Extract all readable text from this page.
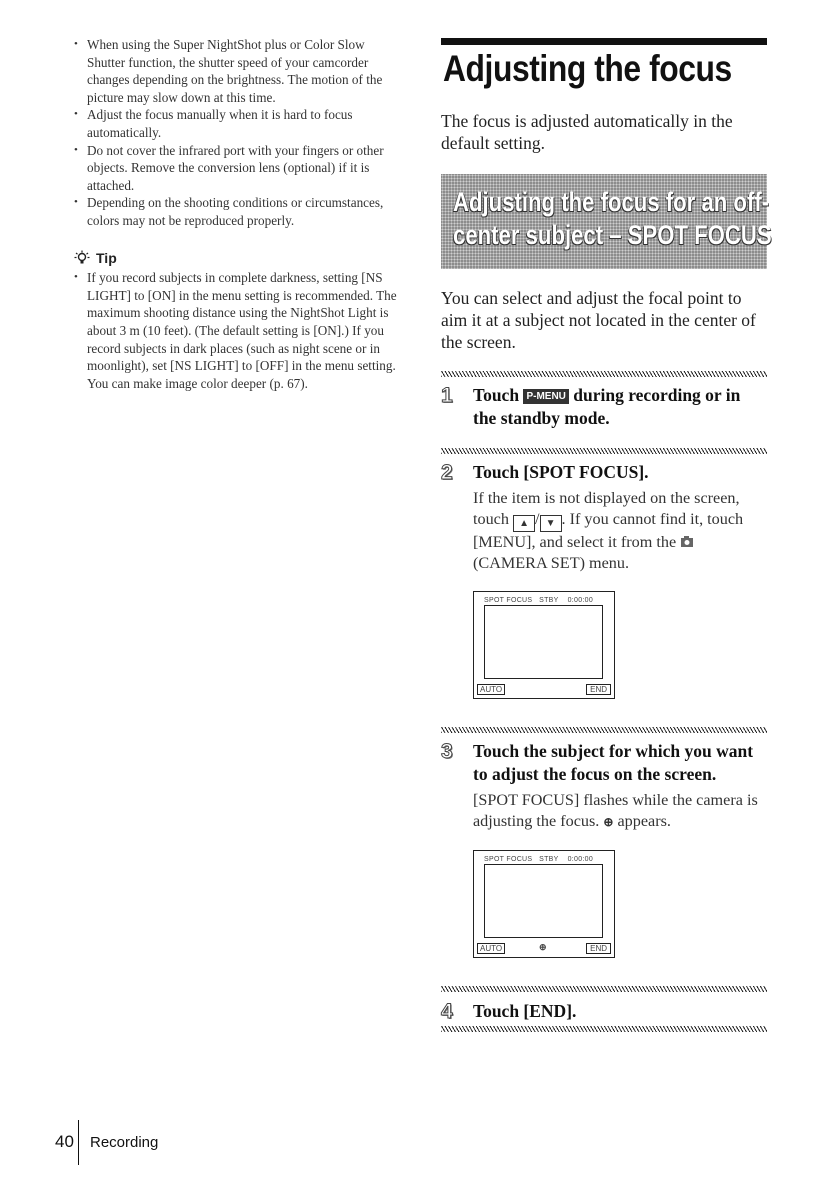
• When using the Super NightShot plus or Color Slow Shutter function, the shutter speed of your camcorder changes depending on the brightness. The motion of the picture may slow down at this time.

• Adjust the focus manually when it is hard to focus automatically.

• Do not cover the infrared port with your fingers or other objects. Remove the conversion lens (optional) if it is attached.

• Depending on the shooting conditions or circumstances, colors may not be reproduced properly.

Tip

• If you record subjects in complete darkness, setting [NS LIGHT] to [ON] in the menu setting is recommended. The maximum shooting distance using the NightShot Light is about 3 m (10 feet). (The default setting is [ON].) If you record subjects in dark places (such as night scene or in moonlight), set [NS LIGHT] to [OFF] in the menu setting. You can make image color deeper (p. 67).

Adjusting the focus
The focus is adjusted automatically in the default setting.
Adjusting the focus for an off-
center subject – SPOT FOCUS
You can select and adjust the focal point to aim it at a subject not located in the center of the screen.
1 Touch P-MENU during recording or in the standby mode.
2 Touch [SPOT FOCUS].
If the item is not displayed on the screen, touch ▲ / ▼ . If you cannot find it, touch [MENU], and select it from the  (CAMERA SET) menu.
SPOT FOCUS STBY 0:00:00
AUTO	END
3 Touch the subject for which you want to adjust the focus on the screen.
[SPOT FOCUS] flashes while the camera is adjusting the focus. ⊕ appears.
SPOT FOCUS STBY 0:00:00
AUTO	⊕	END
4 Touch [END].
40 Recording
